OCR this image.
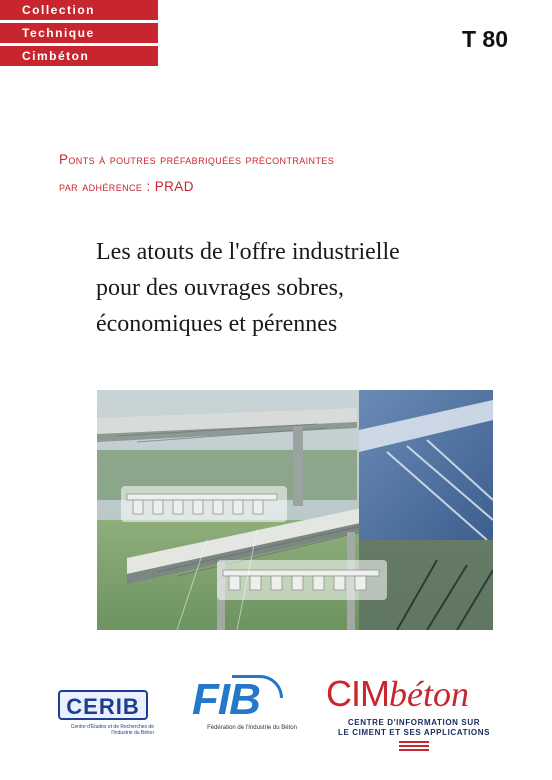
Collection
Technique
Cimbéton
T 80
Ponts à poutres préfabriquées précontraintes
par adhérence : PRAD
Les atouts de l'offre industrielle
pour des ouvrages sobres,
économiques et pérennes
CERIB
Centre d'Études et de Recherches de l'Industrie du Béton
FIB
Fédération de l'Industrie du Béton
CIMbéton
CENTRE D'INFORMATION SUR
LE CIMENT ET SES APPLICATIONS
